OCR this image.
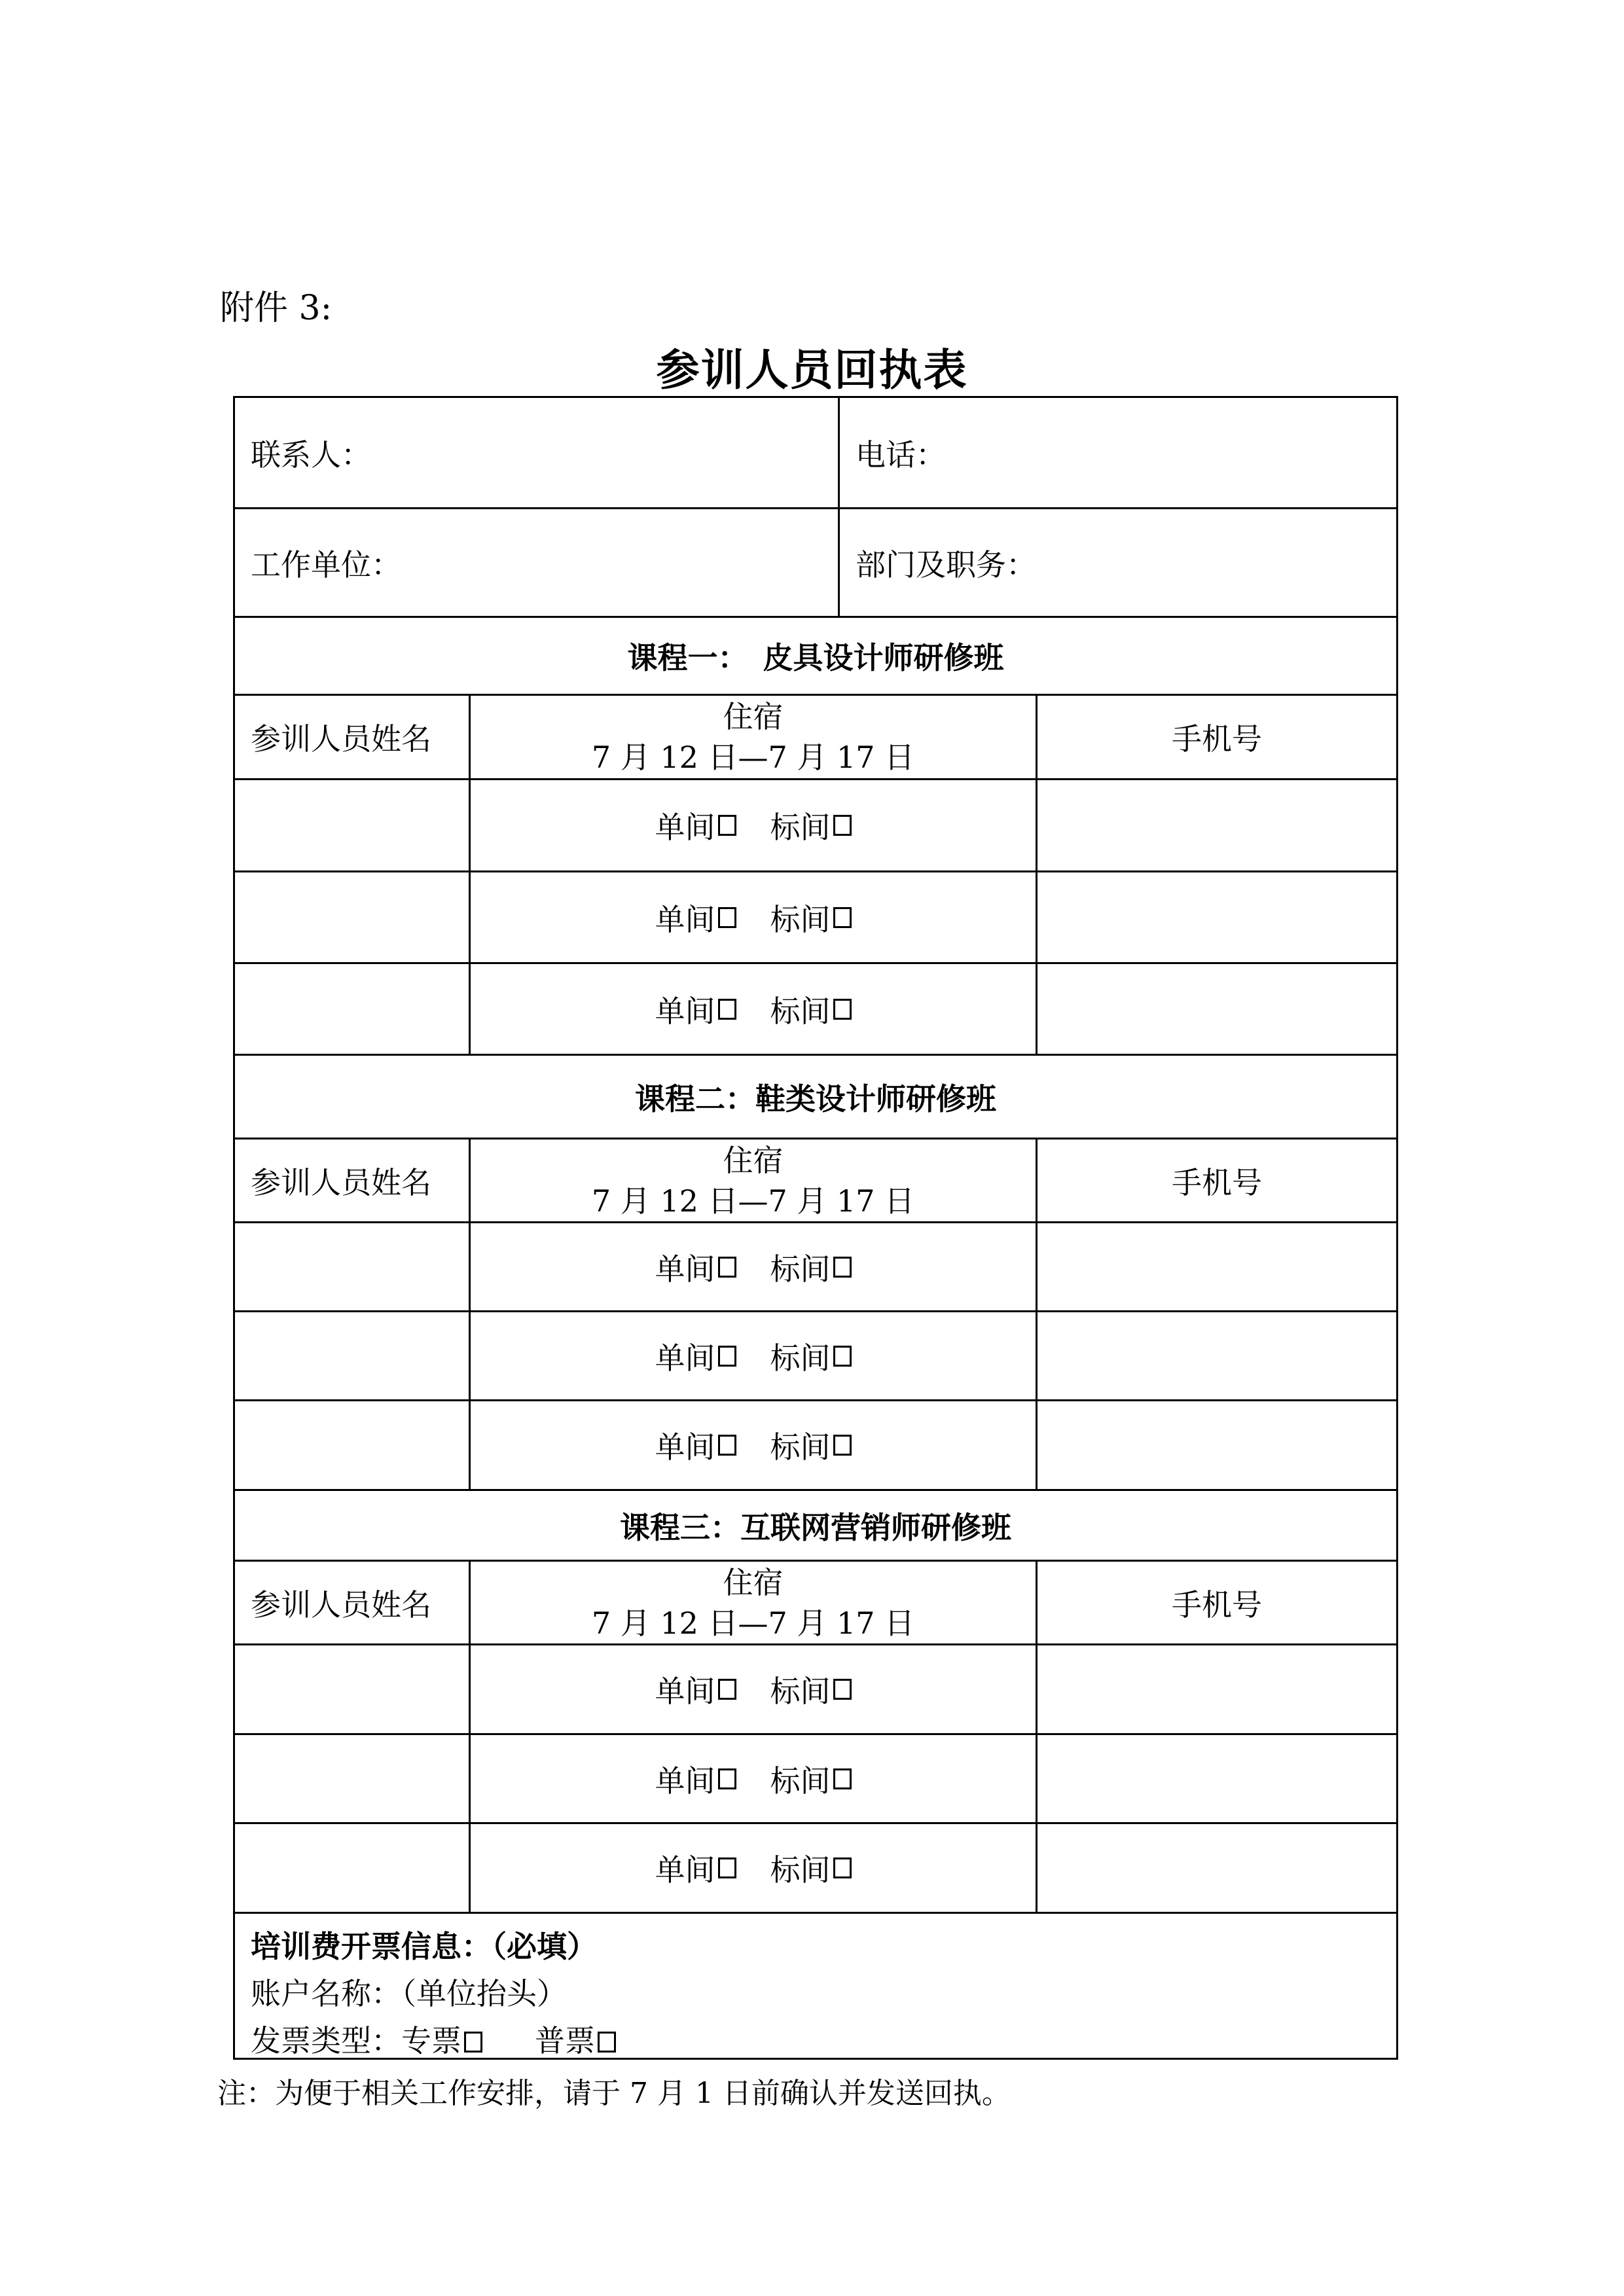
附件 3:
参训人员回执表
联系人：	电话：
工作单位：	部门及职务：
课程一：　皮具设计师研修班
参训人员姓名
住宿
7 月 12 日—7 月 17 日
手机号
单间 标间
单间 标间
单间 标间
课程二：鞋类设计师研修班
参训人员姓名
住宿
7 月 12 日—7 月 17 日
手机号
单间 标间
单间 标间
单间 标间
课程三：互联网营销师研修班
参训人员姓名
住宿
7 月 12 日—7 月 17 日
手机号
单间 标间
单间 标间
单间 标间
培训费开票信息：（必填）
账户名称：（单位抬头）
发票类型：专票 普票
注：为便于相关工作安排，请于 7 月 1 日前确认并发送回执。
